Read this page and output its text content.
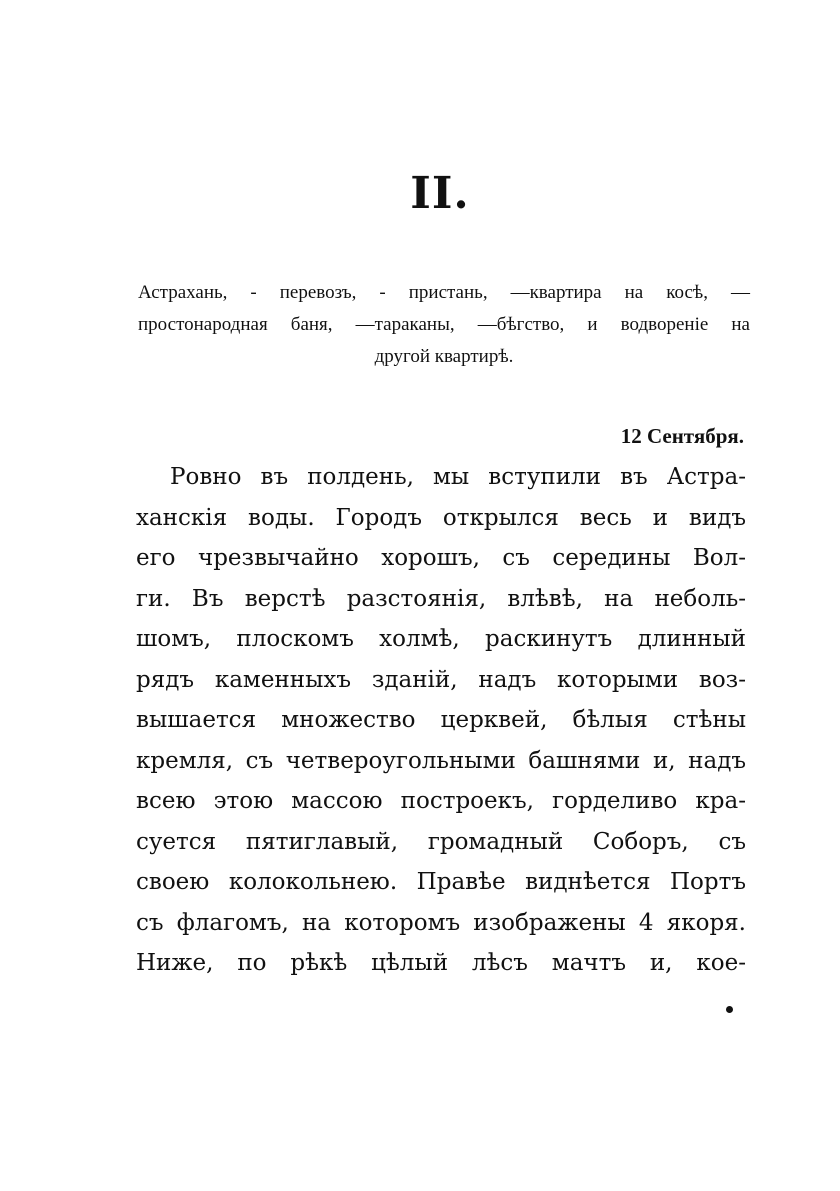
II.
Астрахань, - перевозъ, - пристань, —квартира на косѣ, —
простонародная баня, —тараканы, —бѣгство, и водвореніе на
другой квартирѣ.
12 Сентября.
Ровно въ полдень, мы вступили въ Астра-
ханскія воды. Городъ открылся весь и видъ
его чрезвычайно хорошъ, съ середины Вол-
ги. Въ верстѣ разстоянія, влѣвѣ, на неболь-
шомъ, плоскомъ холмѣ, раскинутъ длинный
рядъ каменныхъ зданій, надъ которыми воз-
вышается множество церквей, бѣлыя стѣны
кремля, съ четвероугольными башнями и, надъ
всею этою массою построекъ, горделиво кра-
суется пятиглавый, громадный Соборъ, съ
своею колокольнею. Правѣе виднѣется Портъ
съ флагомъ, на которомъ изображены 4 якоря.
Ниже, по рѣкѣ цѣлый лѣсъ мачтъ и, кое-
